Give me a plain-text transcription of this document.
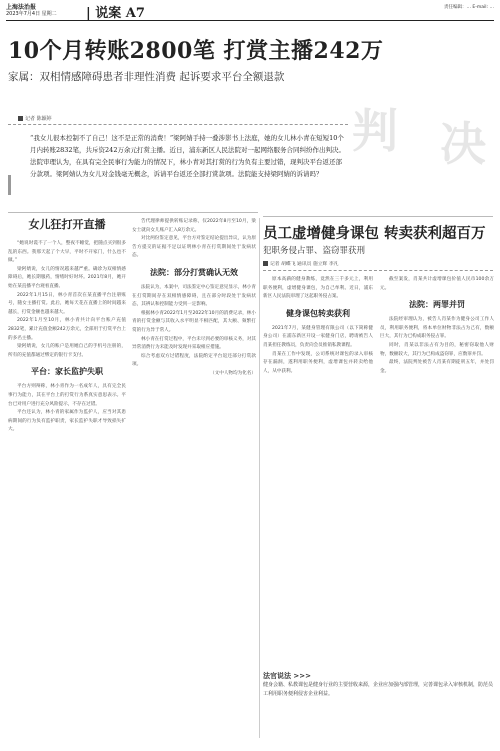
上海法治报
2023年7月4日 星期二 | 说案 A7	责任编辑：… E-mail: …
10个月转账2800笔 打赏主播242万
家属：双相情感障碍患者非理性消费 起诉要求平台全额退款
判 决
记者 陈颖婷
“我女儿很本控制不了自己！这不是正常的消费！”梁阿婧手持一叠涉影书上法庭，她的女儿林小青在短短10个月内转账2832笔，共斥资242万余元打赏主播。近日，浦东新区人民法院对一起网络服务合同纠纷作出判决。法院审理认为，在具有完全民事行为能力的情况下，林小青对其打赏的行为负有主要过错，现判决平台返还部分款项。梁阿婧认为女儿对金钱毫无概念，诉请平台返还全部打赏款项。法院能支持梁阿婧的诉请吗？
女儿狂打开直播

“她说时谎不了一个人，整夜不睡觉，把随点买到很多乱的东西。我那天起了个大早，平时不开家门，什么也不做。”

梁阿婧说，女儿的情况越来越严重。确诊为双相情感障碍后，她长期服药，情绪时好时坏。2021年8月，她开始在某直播平台观看直播。

2022年1月15日，林小青首次在某直播平台注册账号，随女主播打赏。此后，她每天花在直播上的时间越来越长，打赏金额也越来越大。

2022年1月至10月，林小青共计向平台账户充值2832笔，累计充值金额242万余元，全部用于打赏平台上的多名主播。

梁阿婧说，女儿的账户是用她自己的手机号注册的，所有的充值都通过绑定的银行卡支付。

平台：家长监护失职

平台方则辩称，林小青作为一名成年人，具有完全民事行为能力，其在平台上的打赏行为系真实意思表示。平台已对用户进行充分风险提示，不存在过错。

平台还认为，林小青的家属作为监护人，应当对其患病期间的行为负有监护职责，家长监护失职才导致损失扩大。

告代理律师提供转账记录称，仅2022年8月至10月，梁女士就向女儿账户汇入8万余元。

对比两份鉴定意见，平台方对鉴定结论提出异议，认为原告方提交的证据不足以证明林小青在打赏期间处于发病状态。

法院：部分打赏确认无效

法院认为，本案中，司法鉴定中心鉴定意见显示，林小青在打赏期间存在双相情感障碍，且在部分时段处于发病状态，其辨认和控制能力受到一定影响。

根据林小青2022年1月至2022年10月的消费记录，林小青的打赏金额与其收入水平明显不相匹配，其大额、频繁打赏的行为异于常人。

林小青在打赏过程中，平台未尽到必要的审核义务，对其异常消费行为未能及时发现并采取相应措施。

综合考虑双方过错程度，法院酌定平台返还部分打赏款项。

（文中人物均为化名）

员工虚增健身课包 转卖获利超百万
犯职务侵占罪、盗窃罪获刑
记者 胡蝶飞 通讯员 施立辉 李凡

原本高薪的健身教练，竟然在三千多元上，利用职务便利，虚增健身课包，为自己牟利。近日，浦东新区人民法院审理了这起职务侵占案。

健身课包转卖获利

2021年7月，某健身管理有限公司（以下简称健身公司）在浦东新区开设一家健身门店，聘请被告人肖某担任教练员，负责向会员推销私教课程。

肖某在工作中发现，公司系统对课包的录入审核存在漏洞，遂利用职务便利，虚增课包并转卖给他人，从中获利。

截至案发，肖某共计虚增课包价值人民币100余万元。

法院：两罪并罚

法院经审理认为，被告人肖某作为健身公司工作人员，利用职务便利，将本单位财物非法占为己有，数额巨大，其行为已构成职务侵占罪。

同时，肖某以非法占有为目的，秘密窃取他人财物，数额较大，其行为已构成盗窃罪，应数罪并罚。

最终，法院判处被告人肖某有期徒刑五年，并处罚金。

法官说法 >>>
健身会籍、私教课包是健身行业的主要营收来源，企业应加强内部管理，完善课包录入审核机制，防范员工利用职务便利侵害企业利益。
